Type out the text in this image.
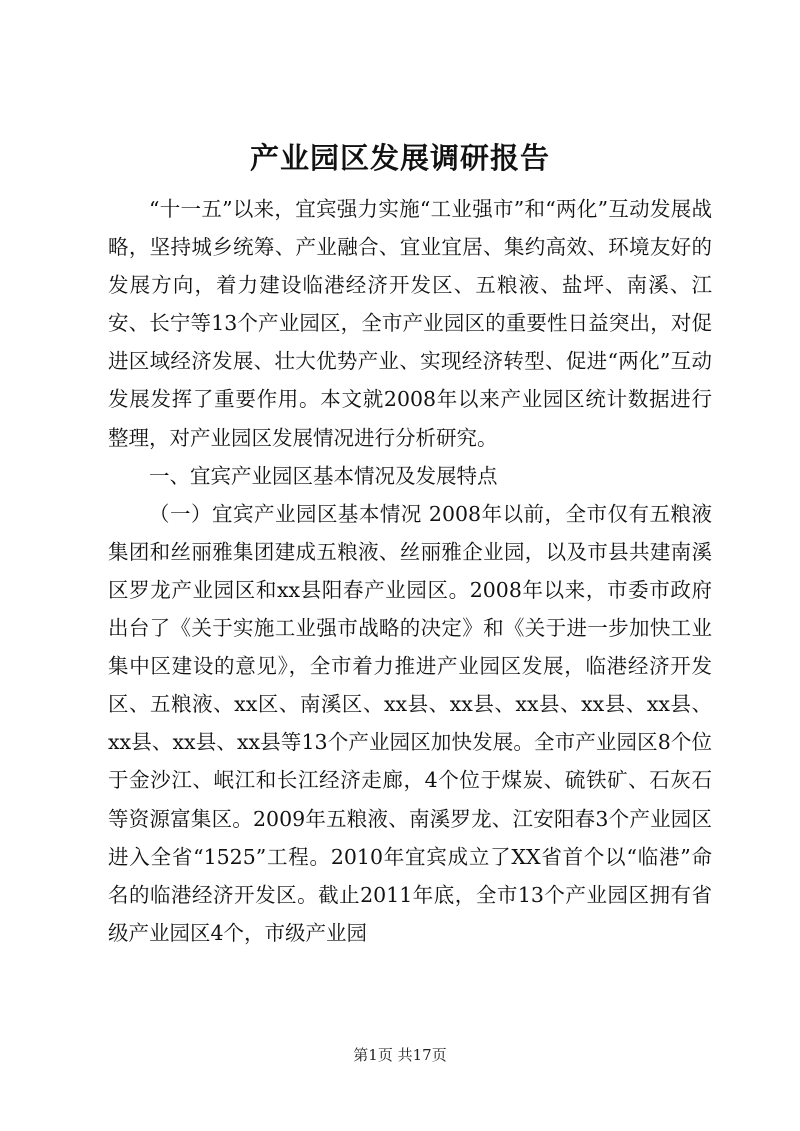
产业园区发展调研报告

“十一五”以来，宜宾强力实施“工业强市”和“两化”互动发展战略，坚持城乡统筹、产业融合、宜业宜居、集约高效、环境友好的发展方向，着力建设临港经济开发区、五粮液、盐坪、南溪、江安、长宁等13个产业园区，全市产业园区的重要性日益突出，对促进区域经济发展、壮大优势产业、实现经济转型、促进“两化”互动发展发挥了重要作用。本文就2008年以来产业园区统计数据进行整理，对产业园区发展情况进行分析研究。

一、宜宾产业园区基本情况及发展特点

（一）宜宾产业园区基本情况 2008年以前，全市仅有五粮液集团和丝丽雅集团建成五粮液、丝丽雅企业园，以及市县共建南溪区罗龙产业园区和xx县阳春产业园区。2008年以来，市委市政府出台了《关于实施工业强市战略的决定》和《关于进一步加快工业集中区建设的意见》，全市着力推进产业园区发展，临港经济开发区、五粮液、xx区、南溪区、xx县、xx县、xx县、xx县、xx县、xx县、xx县、xx县等13个产业园区加快发展。全市产业园区8个位于金沙江、岷江和长江经济走廊，4个位于煤炭、硫铁矿、石灰石等资源富集区。2009年五粮液、南溪罗龙、江安阳春3个产业园区进入全省“1525”工程。2010年宜宾成立了XX省首个以“临港”命名的临港经济开发区。截止2011年底，全市13个产业园区拥有省级产业园区4个，市级产业园

第1页 共17页
